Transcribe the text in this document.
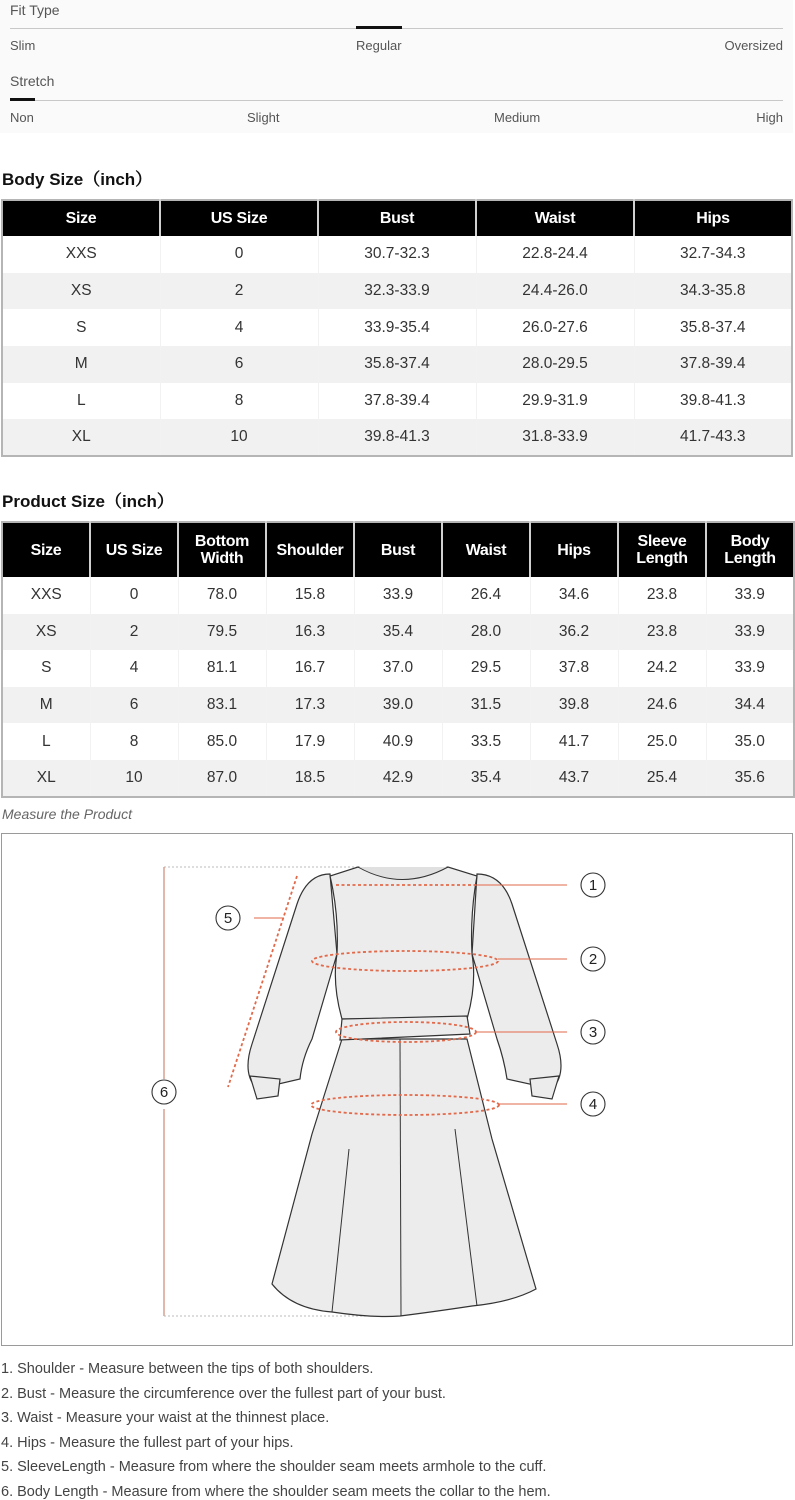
Fit Type
Slim	Regular	Oversized
Stretch
Non	Slight	Medium	High
Body Size（inch）
Size	US Size	Bust	Waist	Hips
XXS	0	30.7-32.3	22.8-24.4	32.7-34.3
XS	2	32.3-33.9	24.4-26.0	34.3-35.8
S	4	33.9-35.4	26.0-27.6	35.8-37.4
M	6	35.8-37.4	28.0-29.5	37.8-39.4
L	8	37.8-39.4	29.9-31.9	39.8-41.3
XL	10	39.8-41.3	31.8-33.9	41.7-43.3
Product Size（inch）
Size	US Size	Bottom Width	Shoulder	Bust	Waist	Hips	Sleeve Length	Body Length
XXS	0	78.0	15.8	33.9	26.4	34.6	23.8	33.9
XS	2	79.5	16.3	35.4	28.0	36.2	23.8	33.9
S	4	81.1	16.7	37.0	29.5	37.8	24.2	33.9
M	6	83.1	17.3	39.0	31.5	39.8	24.6	34.4
L	8	85.0	17.9	40.9	33.5	41.7	25.0	35.0
XL	10	87.0	18.5	42.9	35.4	43.7	25.4	35.6
Measure the Product
1
2
3
4
5
6
1. Shoulder - Measure between the tips of both shoulders.
2. Bust - Measure the circumference over the fullest part of your bust.
3. Waist - Measure your waist at the thinnest place.
4. Hips - Measure the fullest part of your hips.
5. SleeveLength - Measure from where the shoulder seam meets armhole to the cuff.
6. Body Length - Measure from where the shoulder seam meets the collar to the hem.
